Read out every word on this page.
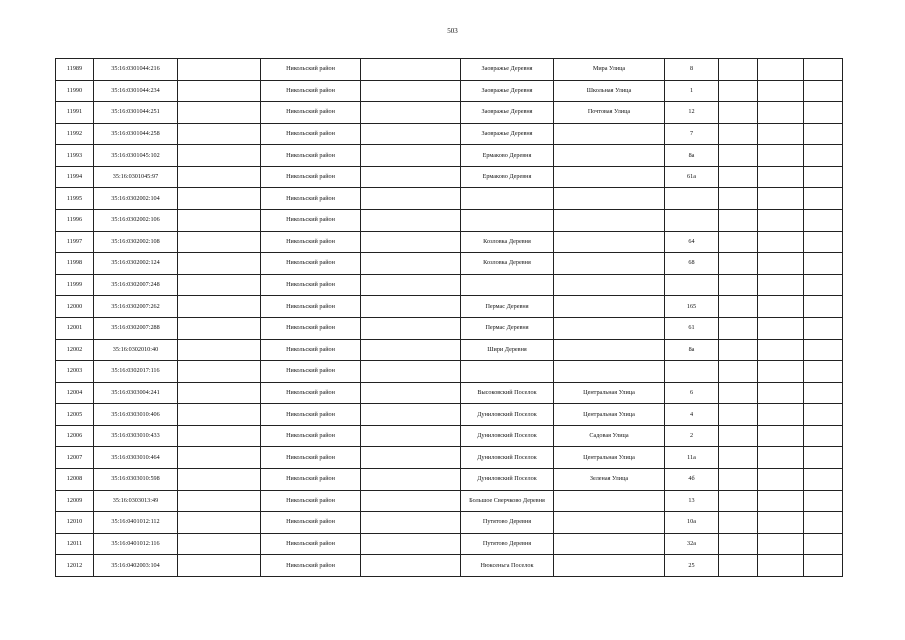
503
11989	35:16:0301044:216		Никольский район		Заовражье Деревня	Мира Улица	8			
11990	35:16:0301044:234		Никольский район		Заовражье Деревня	Школьная Улица	1			
11991	35:16:0301044:251		Никольский район		Заовражье Деревня	Почтовая Улица	12			
11992	35:16:0301044:258		Никольский район		Заовражье Деревня		7			
11993	35:16:0301045:102		Никольский район		Ермаково Деревня		8а			
11994	35:16:0301045:97		Никольский район		Ермаково Деревня		61а			
11995	35:16:0302002:104		Никольский район							
11996	35:16:0302002:106		Никольский район							
11997	35:16:0302002:108		Никольский район		Козловка Деревня		64			
11998	35:16:0302002:124		Никольский район		Козловка Деревня		68			
11999	35:16:0302007:248		Никольский район							
12000	35:16:0302007:262		Никольский район		Пермас Деревня		165			
12001	35:16:0302007:288		Никольский район		Пермас Деревня		61			
12002	35:16:0302010:40		Никольский район		Шири Деревня		8а			
12003	35:16:0302017:116		Никольский район							
12004	35:16:0303004:241		Никольский район		Высоковский Поселок	Центральная Улица	6			
12005	35:16:0303010:406		Никольский район		Дуниловский Поселок	Центральная Улица	4			
12006	35:16:0303010:433		Никольский район		Дуниловский Поселок	Садовая Улица	2			
12007	35:16:0303010:464		Никольский район		Дуниловский Поселок	Центральная Улица	11а			
12008	35:16:0303010:598		Никольский район		Дуниловский Поселок	Зеленая Улица	4б			
12009	35:16:0303013:49		Никольский район		Большое Сверчково Деревня		13			
12010	35:16:0401012:112		Никольский район		Путятово Деревня		10а			
12011	35:16:0401012:116		Никольский район		Путятово Деревня		32а			
12012	35:16:0402003:104		Никольский район		Нюксеньга Поселок		25			
